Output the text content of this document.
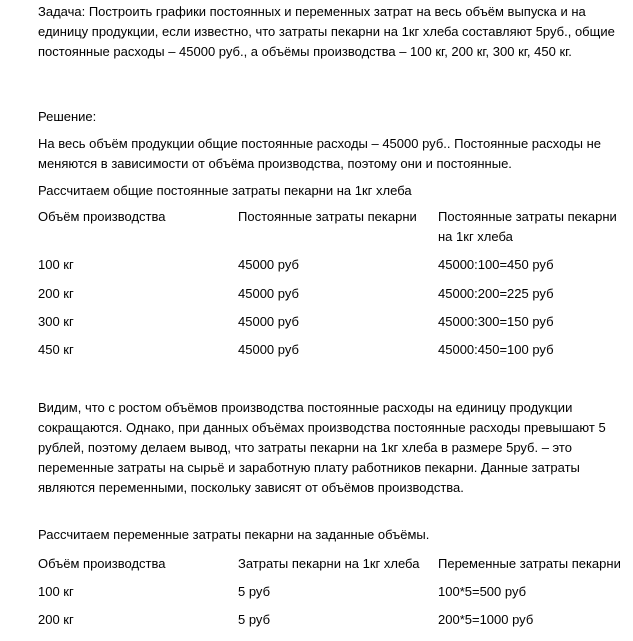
Задача: Построить графики постоянных и переменных затрат на весь объём выпуска и на единицу продукции, если известно, что затраты пекарни на 1кг хлеба составляют 5руб., общие постоянные расходы – 45000 руб., а объёмы производства – 100 кг, 200 кг, 300 кг, 450 кг.

Решение:

На весь объём продукции общие постоянные расходы – 45000 руб.. Постоянные расходы не меняются в зависимости от объёма производства, поэтому они и постоянные.

Рассчитаем общие постоянные затраты пекарни на 1кг хлеба

Объём производства	Постоянные затраты пекарни	Постоянные затраты пекарни на 1кг хлеба

100 кг	45000 руб	45000:100=450 руб

200 кг	45000 руб	45000:200=225 руб

300 кг	45000 руб	45000:300=150 руб

450 кг	45000 руб	45000:450=100 руб

Видим, что с ростом объёмов производства постоянные расходы на единицу продукции сокращаются. Однако, при данных объёмах производства постоянные расходы превышают 5 рублей, поэтому делаем вывод, что затраты пекарни на 1кг хлеба в размере 5руб. – это переменные затраты на сырьё и заработную плату работников пекарни. Данные затраты являются переменными, поскольку зависят от объёмов производства.

Рассчитаем переменные затраты пекарни на заданные объёмы.

Объём производства	Затраты пекарни на 1кг хлеба	Переменные затраты пекарни

100 кг	5 руб	100*5=500 руб

200 кг	5 руб	200*5=1000 руб
